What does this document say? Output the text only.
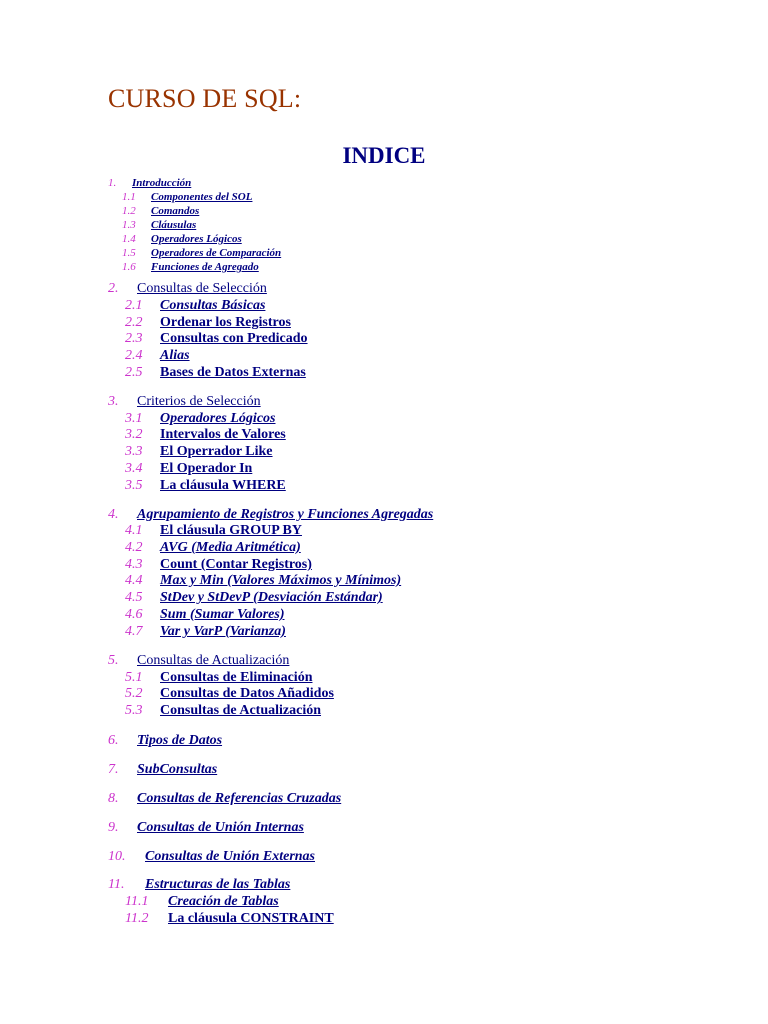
CURSO DE SQL:
INDICE
1. Introducción
1.1 Componentes del SOL
1.2 Comandos
1.3 Cláusulas
1.4 Operadores Lógicos
1.5 Operadores de Comparación
1.6 Funciones de Agregado
2. Consultas de Selección
2.1 Consultas Básicas
2.2 Ordenar los Registros
2.3 Consultas con Predicado
2.4 Alias
2.5 Bases de Datos Externas
3. Criterios de Selección
3.1 Operadores Lógicos
3.2 Intervalos de Valores
3.3 El Operrador Like
3.4 El Operador In
3.5 La cláusula WHERE
4. Agrupamiento de Registros y Funciones Agregadas
4.1 El cláusula GROUP BY
4.2 AVG (Media Aritmética)
4.3 Count (Contar Registros)
4.4 Max y Min (Valores Máximos y Mínimos)
4.5 StDev y StDevP (Desviación Estándar)
4.6 Sum (Sumar Valores)
4.7 Var y VarP (Varianza)
5. Consultas de Actualización
5.1 Consultas de Eliminación
5.2 Consultas de Datos Añadidos
5.3 Consultas de Actualización
6. Tipos de Datos
7. SubConsultas
8. Consultas de Referencias Cruzadas
9. Consultas de Unión Internas
10. Consultas de Unión Externas
11. Estructuras de las Tablas
11.1 Creación de Tablas
11.2 La cláusula CONSTRAINT
